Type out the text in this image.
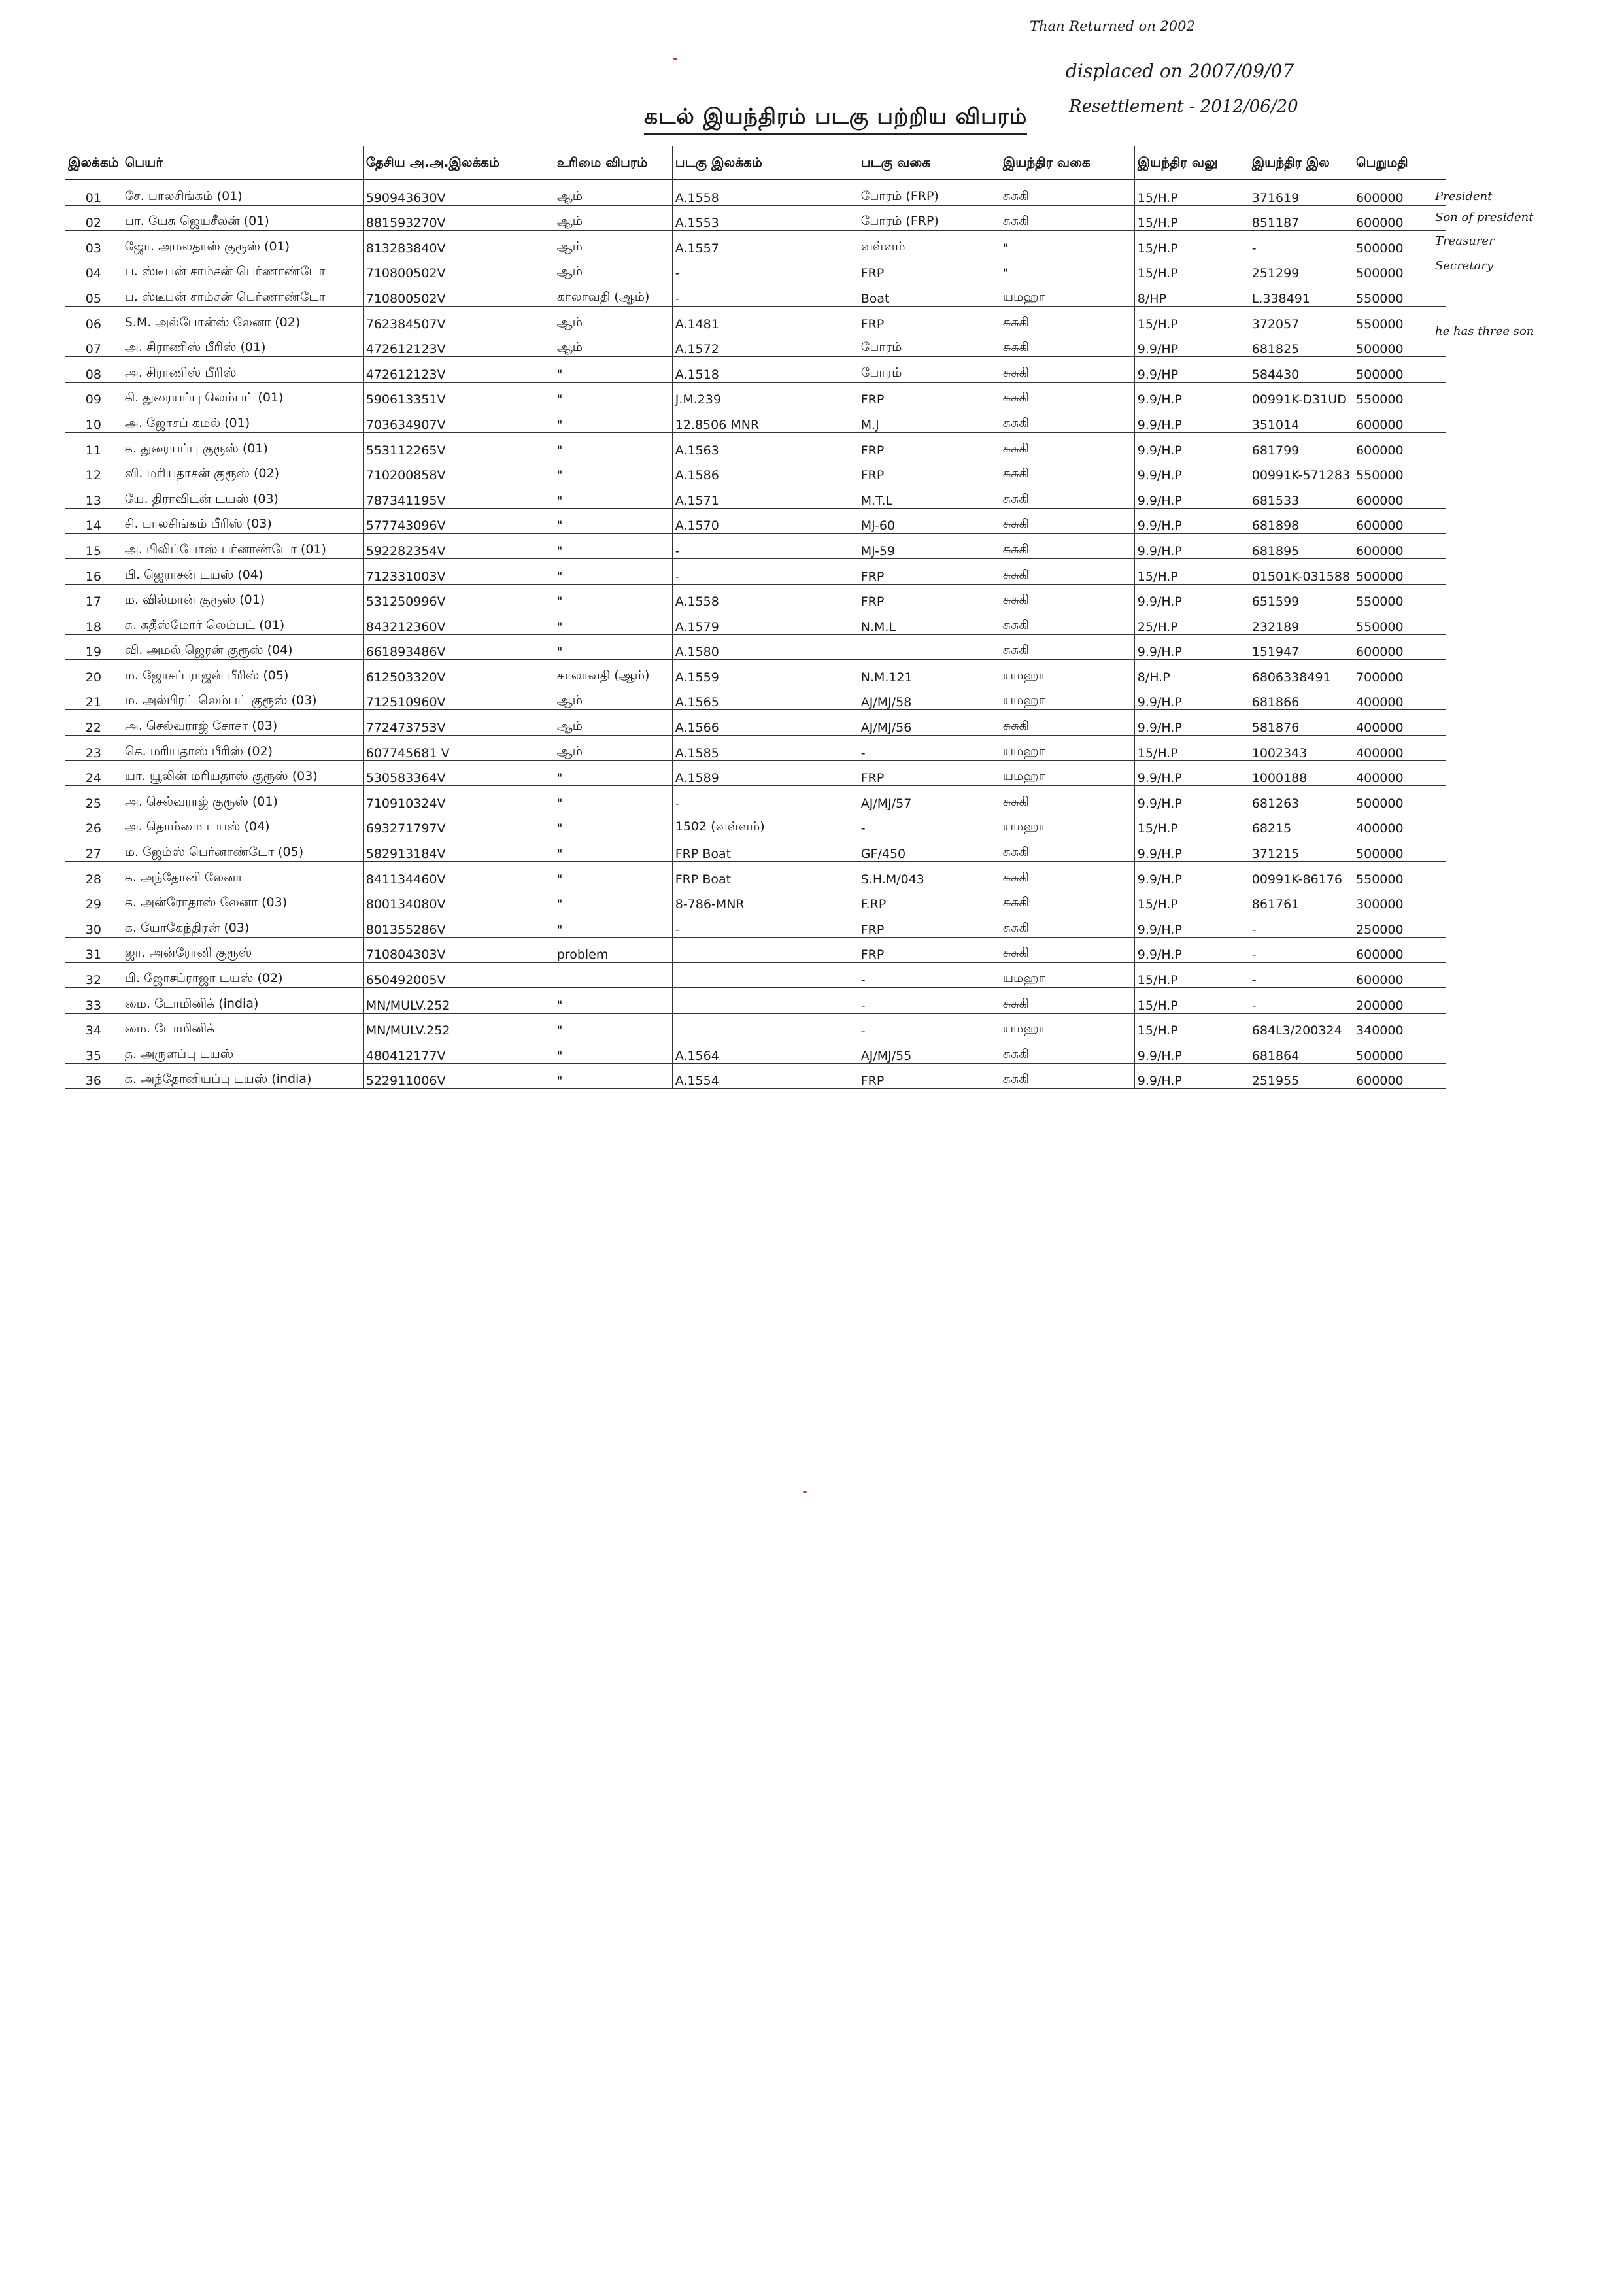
Than Returned on 2002
displaced on 2007/09/07
Resettlement - 2012/06/20
கடல் இயந்திரம் படகு பற்றிய விபரம்
இலக்கம்	பெயர்	தேசிய அ.அ.இலக்கம்	உரிமை விபரம்	படகு இலக்கம்	படகு வகை	இயந்திர வகை	இயந்திர வலு	இயந்திர இல	பெறுமதி
01	சே. பாலசிங்கம் (01)	590943630V	ஆம்	A.1558	போரம் (FRP)	சுசுகி	15/H.P	371619	600000
02	பா. யேசு ஜெயசீலன் (01)	881593270V	ஆம்	A.1553	போரம் (FRP)	சுசுகி	15/H.P	851187	600000
03	ஜோ. அமலதாஸ் குரூஸ் (01)	813283840V	ஆம்	A.1557	வள்ளம்	"	15/H.P	-	500000
04	ப. ஸ்டீபன் சாம்சன் பெர்ணாண்டோ	710800502V	ஆம்	-	FRP	"	15/H.P	251299	500000
05	ப. ஸ்டீபன் சாம்சன் பெர்ணாண்டோ	710800502V	காலாவதி (ஆம்)	-	Boat	யமஹா	8/HP	L.338491	550000
06	S.M. அல்போன்ஸ் லேனா (02)	762384507V	ஆம்	A.1481	FRP	சுசுகி	15/H.P	372057	550000
07	அ. சிராணிஸ் பீரிஸ் (01)	472612123V	ஆம்	A.1572	போரம்	சுசுகி	9.9/HP	681825	500000
08	அ. சிராணிஸ் பீரிஸ்	472612123V	"	A.1518	போரம்	சுசுகி	9.9/HP	584430	500000
09	கி. துரையப்பு லெம்பட் (01)	590613351V	"	J.M.239	FRP	சுசுகி	9.9/H.P	00991K-D31UD	550000
10	அ. ஜோசப் கமல் (01)	703634907V	"	12.8506 MNR	M.J	சுசுகி	9.9/H.P	351014	600000
11	க. துரையப்பு குரூஸ் (01)	553112265V	"	A.1563	FRP	சுசுகி	9.9/H.P	681799	600000
12	வி. மரியதாசன் குரூஸ் (02)	710200858V	"	A.1586	FRP	சுசுகி	9.9/H.P	00991K-571283	550000
13	யே. திராவிடன் டயஸ் (03)	787341195V	"	A.1571	M.T.L	சுசுகி	9.9/H.P	681533	600000
14	சி. பாலசிங்கம் பீரிஸ் (03)	577743096V	"	A.1570	MJ-60	சுசுகி	9.9/H.P	681898	600000
15	அ. பிலிப்போஸ் பர்னாண்டோ (01)	592282354V	"	-	MJ-59	சுசுகி	9.9/H.P	681895	600000
16	பி. ஜெராசன் டயஸ் (04)	712331003V	"	-	FRP	சுசுகி	15/H.P	01501K-031588	500000
17	ம. வில்மான் குரூஸ் (01)	531250996V	"	A.1558	FRP	சுசுகி	9.9/H.P	651599	550000
18	சு. சுதீஸ்மோர் லெம்பட் (01)	843212360V	"	A.1579	N.M.L	சுசுகி	25/H.P	232189	550000
19	வி. அமல் ஜெரன் குரூஸ் (04)	661893486V	"	A.1580		சுசுகி	9.9/H.P	151947	600000
20	ம. ஜோசப் ராஜன் பீரிஸ் (05)	612503320V	காலாவதி (ஆம்)	A.1559	N.M.121	யமஹா	8/H.P	6806338491	700000
21	ம. அல்பிரட் லெம்பட் குரூஸ் (03)	712510960V	ஆம்	A.1565	AJ/MJ/58	யமஹா	9.9/H.P	681866	400000
22	அ. செல்வராஜ் சோசா (03)	772473753V	ஆம்	A.1566	AJ/MJ/56	சுசுகி	9.9/H.P	581876	400000
23	கெ. மரியதாஸ் பீரிஸ் (02)	607745681 V	ஆம்	A.1585	-	யமஹா	15/H.P	1002343	400000
24	யா. யூலின் மரியதாஸ் குரூஸ் (03)	530583364V	"	A.1589	FRP	யமஹா	9.9/H.P	1000188	400000
25	அ. செல்வராஜ் குரூஸ் (01)	710910324V	"	-	AJ/MJ/57	சுசுகி	9.9/H.P	681263	500000
26	அ. தொம்மை டயஸ் (04)	693271797V	"	1502 (வள்ளம்)	-	யமஹா	15/H.P	68215	400000
27	ம. ஜேம்ஸ் பெர்னாண்டோ (05)	582913184V	"	FRP Boat	GF/450	சுசுகி	9.9/H.P	371215	500000
28	க. அந்தோனி லேனா	841134460V	"	FRP Boat	S.H.M/043	சுசுகி	9.9/H.P	00991K-86176	550000
29	க. அன்ரோதாஸ் லேனா (03)	800134080V	"	8-786-MNR	F.RP	சுசுகி	15/H.P	861761	300000
30	க. யோகேந்திரன் (03)	801355286V	"	-	FRP	சுசுகி	9.9/H.P	-	250000
31	ஜா. அன்ரோனி குரூஸ்	710804303V	problem		FRP	சுசுகி	9.9/H.P	-	600000
32	பி. ஜோசப்ராஜா டயஸ் (02)	650492005V			-	யமஹா	15/H.P	-	600000
33	மை. டோமினிக் (india)	MN/MULV.252	"		-	சுசுகி	15/H.P	-	200000
34	மை. டோமினிக்	MN/MULV.252	"		-	யமஹா	15/H.P	684L3/200324	340000
35	த. அருளப்பு டயஸ்	480412177V	"	A.1564	AJ/MJ/55	சுசுகி	9.9/H.P	681864	500000
36	க. அந்தோனியப்பு டயஸ் (india)	522911006V	"	A.1554	FRP	சுசுகி	9.9/H.P	251955	600000
President
Son of president
Treasurer
Secretary
he has three son
